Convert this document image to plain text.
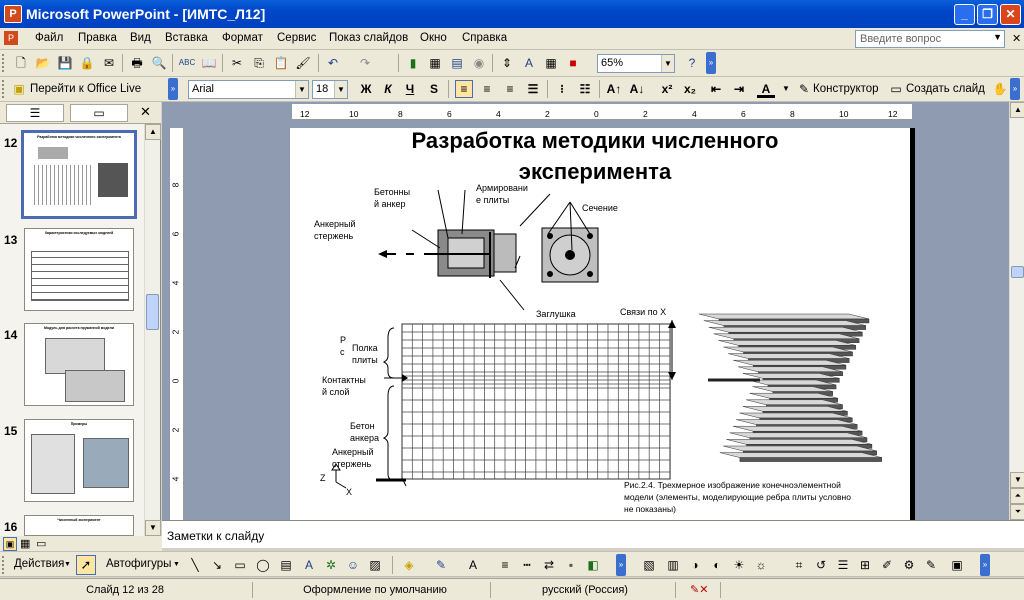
P Microsoft PowerPoint - [ИМТС_Л12]	_	❐	✕
P	Файл Правка Вид Вставка Формат Сервис Показ слайдов Окно Справка	Введите вопрос	▼ ✕
🗋 📂 💾 🔒 ✉	🖶 🔍 ABC 📖	✂	⎘ 📋 🖌	↶	↷	▮	▦ ▤ ◉	⇕	A	▦	■	65%	▼	?	»
▣ Перейти к Office Live	»	Arial	▼ 18	▼ Ж	К	Ч	S	≡	≡	≡	☰	⁝	☷	A↑ A↓	x² x₂	⇤	⇥	A	▼ ✎ Конструктор ▭ Создать слайд ✋ »
☰	▭	✕
12	Разработка методики численного эксперимента
13	Характеристики исследуемых моделей
14	Модуль для расчета пружинной модели
15	Примеры
16	Численный эксперимент
▲
▼
12	10	8	6	4	2	0	2	4	6	8	10	12
8
6
4
2
0
2
4
Разработка методики численного эксперимента
Бетонны
й анкер
Армировани
е плиты
Сечение
Анкерный
стержень
Заглушка	Связи по X
Р
с Полка
плиты
Контактны
й слой
Бетон
анкера
Анкерный
стержень
Z
X
Рис.2.4. Трехмерное изображение конечноэлементной
модели (элементы, моделирующие ребра плиты условно
не показаны)
▲
▼
⏶
⏷
▣ ▦ ▭
Заметки к слайду
Действия ▼ ➚	Автофигуры ▼ ╲	↘	▭ ◯ ▤	A	✲ ☺ ▨	◈	✎	A	≡	┅	⇄	▪	◧	» ▧ ▥	◑	◐	☀ ☼	⌗	↺ ☰ ⊞ ✐ ⚙ ✎	▣	»
Слайд 12 из 28	Оформление по умолчанию	русский (Россия)	✎✕
